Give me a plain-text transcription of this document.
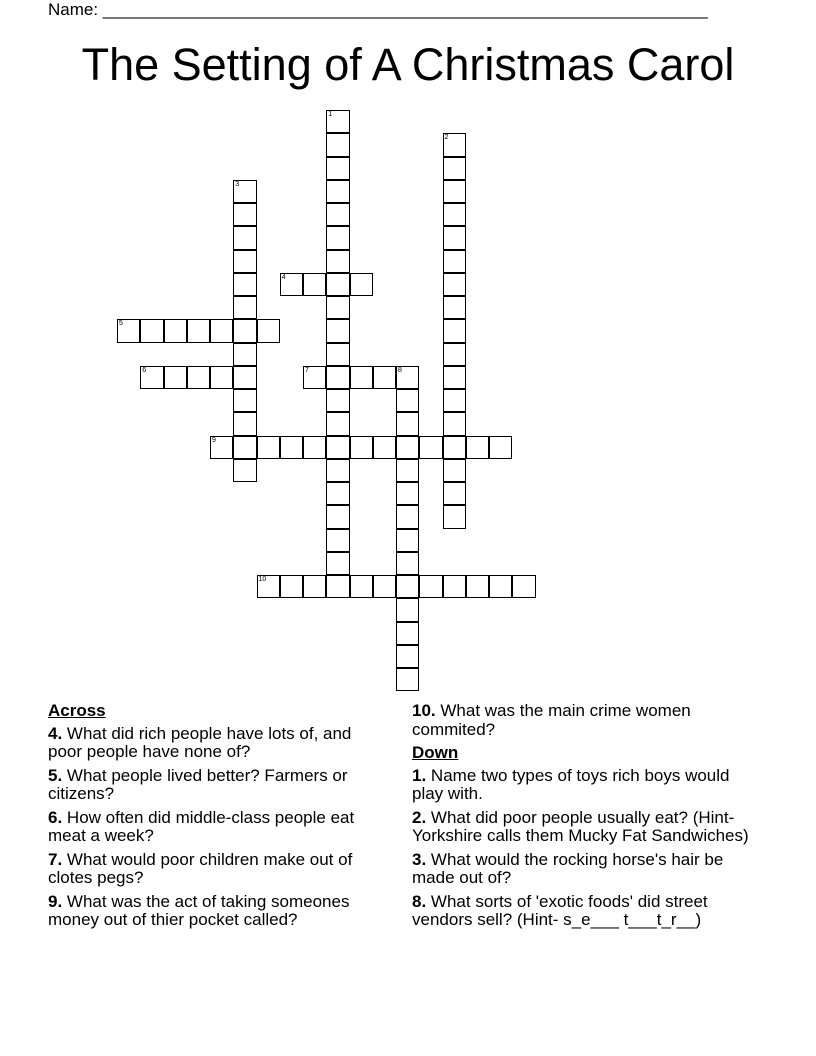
Name: ________________________________________________________________
The Setting of A Christmas Carol
1
2
3
4
5
6	7	8
9
10
Across
4. What did rich people have lots of, and poor people have none of?
5. What people lived better? Farmers or citizens?
6. How often did middle-class people eat meat a week?
7. What would poor children make out of clotes pegs?
9. What was the act of taking someones money out of thier pocket called?
10. What was the main crime women commited?
Down
1. Name two types of toys rich boys would play with.
2. What did poor people usually eat? (Hint- Yorkshire calls them Mucky Fat Sandwiches)
3. What would the rocking horse's hair be made out of?
8. What sorts of 'exotic foods' did street vendors sell? (Hint- s_e___ t___t_r__)
